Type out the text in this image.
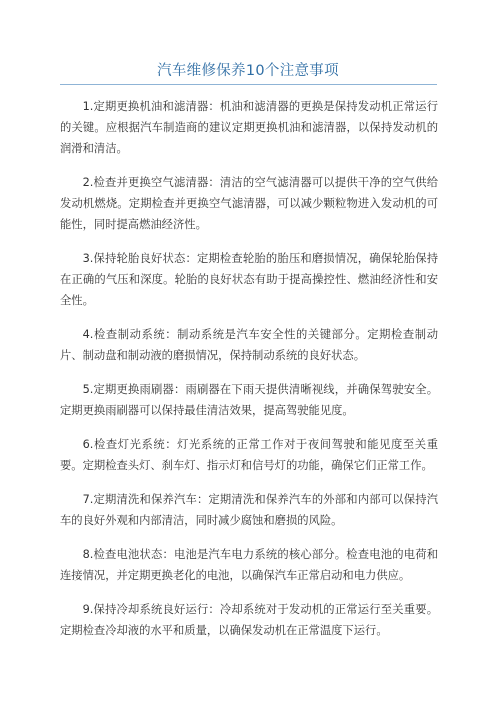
汽车维修保养10个注意事项

1.定期更换机油和滤清器：机油和滤清器的更换是保持发动机正常运行的关键。应根据汽车制造商的建议定期更换机油和滤清器，以保持发动机的润滑和清洁。

2.检查并更换空气滤清器：清洁的空气滤清器可以提供干净的空气供给发动机燃烧。定期检查并更换空气滤清器，可以减少颗粒物进入发动机的可能性，同时提高燃油经济性。

3.保持轮胎良好状态：定期检查轮胎的胎压和磨损情况，确保轮胎保持在正确的气压和深度。轮胎的良好状态有助于提高操控性、燃油经济性和安全性。

4.检查制动系统：制动系统是汽车安全性的关键部分。定期检查制动片、制动盘和制动液的磨损情况，保持制动系统的良好状态。

5.定期更换雨刷器：雨刷器在下雨天提供清晰视线，并确保驾驶安全。定期更换雨刷器可以保持最佳清洁效果，提高驾驶能见度。

6.检查灯光系统：灯光系统的正常工作对于夜间驾驶和能见度至关重要。定期检查头灯、刹车灯、指示灯和信号灯的功能，确保它们正常工作。

7.定期清洗和保养汽车：定期清洗和保养汽车的外部和内部可以保持汽车的良好外观和内部清洁，同时减少腐蚀和磨损的风险。

8.检查电池状态：电池是汽车电力系统的核心部分。检查电池的电荷和连接情况，并定期更换老化的电池，以确保汽车正常启动和电力供应。

9.保持冷却系统良好运行：冷却系统对于发动机的正常运行至关重要。定期检查冷却液的水平和质量，以确保发动机在正常温度下运行。
